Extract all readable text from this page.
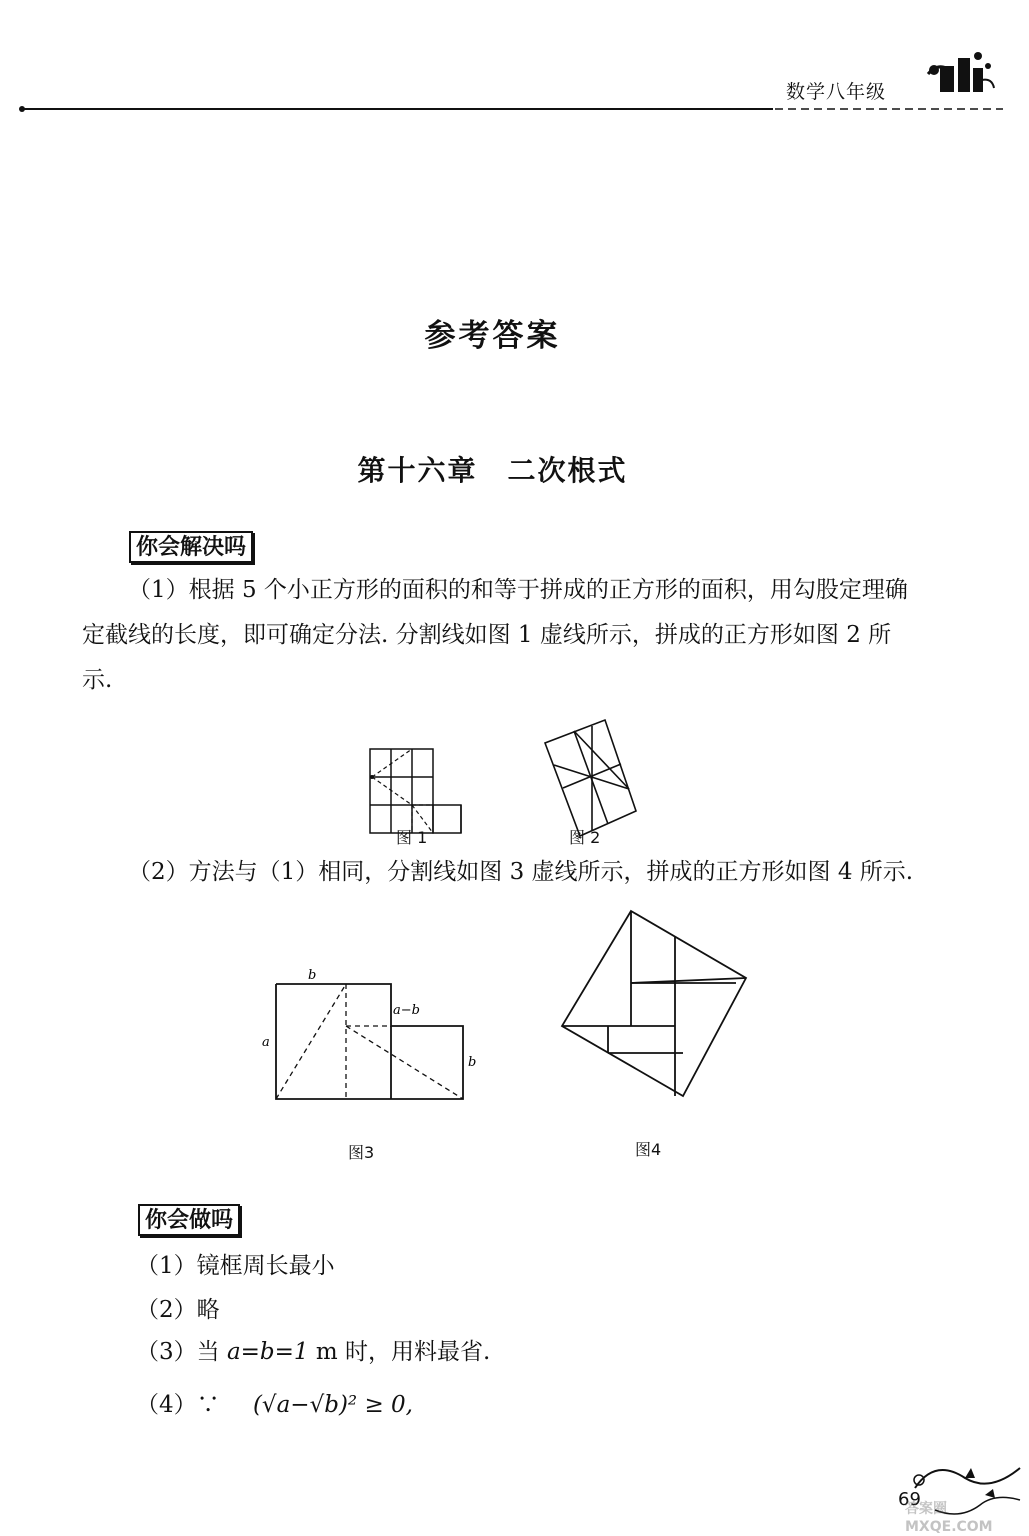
数学八年级
参考答案
第十六章　二次根式
你会解决吗
（1）根据 5 个小正方形的面积的和等于拼成的正方形的面积，用勾股定理确定截线的长度，即可确定分法. 分割线如图 1 虚线所示，拼成的正方形如图 2 所示.
图 1	图 2
（2）方法与（1）相同，分割线如图 3 虚线所示，拼成的正方形如图 4 所示.
b
a
a−b
b
图3	图4
你会做吗
（1）镜框周长最小
（2）略
（3）当 a=b=1 m 时，用料最省.
（4）∵ (√a−√b)² ≥ 0,
69
答案圈 MXQE.COM
